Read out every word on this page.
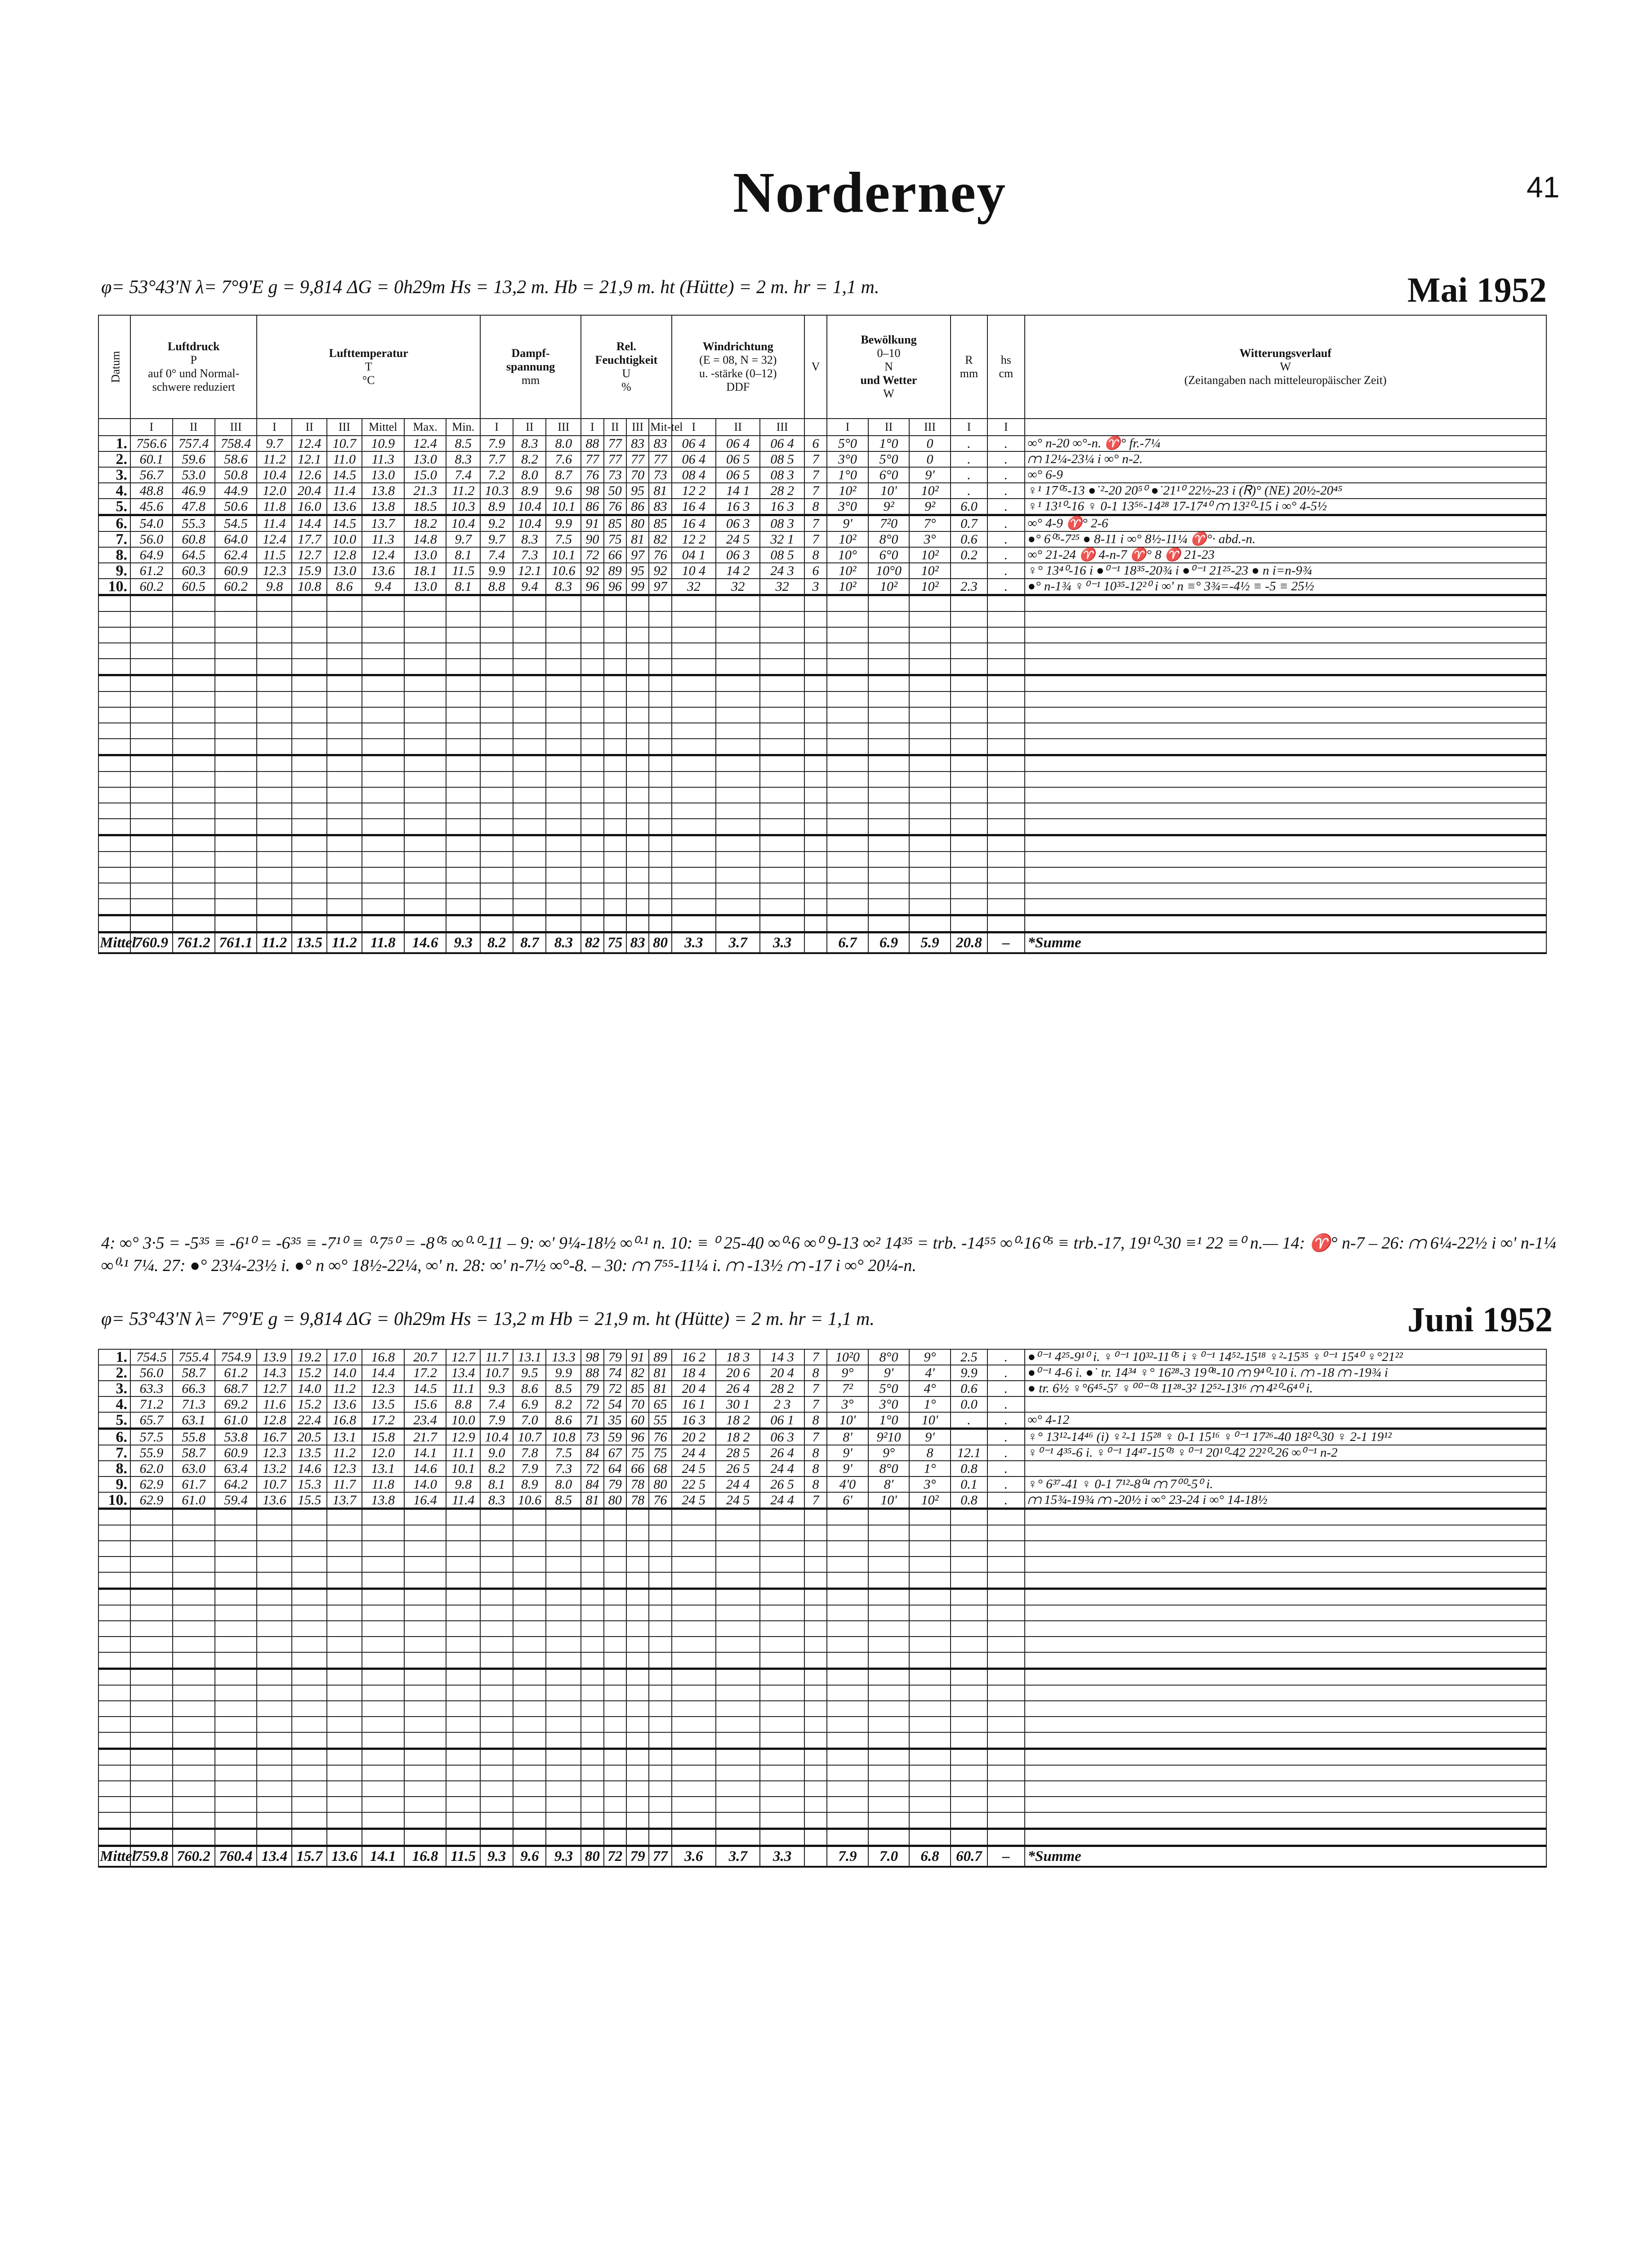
Norderney	41
φ= 53°43'N λ= 7°9'E g = 9,814 ΔG = 0h29m Hs = 13,2 m. Hb = 21,9 m. ht (Hütte) = 2 m. hr = 1,1 m.	Mai 1952
Datum	Luftdruck
P
auf 0° und Normal-
schwere reduziert			Lufttemperatur
T
°C						Dampf-
spannung
mm			Rel.
Feuchtigkeit
U
%				Windrichtung
(E = 08, N = 32)
u. -stärke (0–12)
DDF			V	Bewölkung
0–10
N
und Wetter
W			R
mm	hs
cm	Witterungsverlauf
W
(Zeitangaben nach mitteleuropäischer Zeit)
	I	II	III	I	II	III	Mittel	Max.	Min.	I	II	III	I	II	III	Mit-tel	I	II	III		I	II	III	I	I	
1.	756.6	757.4	758.4	9.7	12.4	10.7	10.9	12.4	8.5	7.9	8.3	8.0	88	77	83	83	06 4	06 4	06 4	6	5°0	1°0	0	.	.	∞° n-20 ∞°-n. ♈° fr.-7¼
2.	60.1	59.6	58.6	11.2	12.1	11.0	11.3	13.0	8.3	7.7	8.2	7.6	77	77	77	77	06 4	06 5	08 5	7	3°0	5°0	0	.	.	⩋ 12¼-23¼ i ∞° n-2.
3.	56.7	53.0	50.8	10.4	12.6	14.5	13.0	15.0	7.4	7.2	8.0	8.7	76	73	70	73	08 4	06 5	08 3	7	1°0	6°0	9'	.	.	∞° 6-9
4.	48.8	46.9	44.9	12.0	20.4	11.4	13.8	21.3	11.2	10.3	8.9	9.6	98	50	95	81	12 2	14 1	28 2	7	10²	10'	10²	.	.	♀¹ 17⁰⁵-13 ●˙²-20 20⁵⁰ ●˙21¹⁰ 22½-23 i (Ꮢ)° (NE) 20½-20⁴⁵
5.	45.6	47.8	50.6	11.8	16.0	13.6	13.8	18.5	10.3	8.9	10.4	10.1	86	76	86	83	16 4	16 3	16 3	8	3°0	9²	9²	6.0	.	♀¹ 13¹⁰-16 ♀ 0-1 13⁵⁶-14²⁸ 17-17⁴⁰ ⩋ 13²⁰-15 i ∞° 4-5½
6.	54.0	55.3	54.5	11.4	14.4	14.5	13.7	18.2	10.4	9.2	10.4	9.9	91	85	80	85	16 4	06 3	08 3	7	9'	7²0	7°	0.7	.	∞° 4-9 ♈° 2-6
7.	56.0	60.8	64.0	12.4	17.7	10.0	11.3	14.8	9.7	9.7	8.3	7.5	90	75	81	82	12 2	24 5	32 1	7	10²	8°0	3°	0.6	.	●° 6⁰⁵-7²⁵ ● 8-11 i ∞° 8½-11¼ ♈°· abd.-n.
8.	64.9	64.5	62.4	11.5	12.7	12.8	12.4	13.0	8.1	7.4	7.3	10.1	72	66	97	76	04 1	06 3	08 5	8	10°	6°0	10²	0.2	.	∞° 21-24 ♈ 4-n-7 ♈° 8 ♈ 21-23
9.	61.2	60.3	60.9	12.3	15.9	13.0	13.6	18.1	11.5	9.9	12.1	10.6	92	89	95	92	10 4	14 2	24 3	6	10²	10°0	10²		.	♀° 13⁴⁰-16 i ●⁰⁻¹ 18³⁵-20¾ i ●⁰⁻¹ 21²⁵-23 ● n i=n-9¾
10.	60.2	60.5	60.2	9.8	10.8	8.6	9.4	13.0	8.1	8.8	9.4	8.3	96	96	99	97	32	32	32	3	10²	10²	10²	2.3	.	●° n-1¾ ♀⁰⁻¹ 10³⁵-12²⁰ i ∞' n ≡° 3¾=-4½ ≡ -5 ≡ 25½

Mittel	760.9	761.2	761.1	11.2	13.5	11.2	11.8	14.6	9.3	8.2	8.7	8.3	82	75	83	80	3.3	3.7	3.3		6.7	6.9	5.9	20.8	–	*Summe
4: ∞° 3·5 = -5³⁵ ≡ -6¹⁰ = -6³⁵ ≡ -7¹⁰ ≡ ⁰·7⁵⁰ = -8⁰⁵ ∞⁰·⁰-11 – 9: ∞' 9¼-18½ ∞⁰·¹ n. 10: ≡ ⁰ 25-40 ∞⁰·6 ∞⁰ 9-13 ∞² 14³⁵ = trb. -14⁵⁵ ∞⁰·16⁰⁵ ≡ trb.-17, 19¹⁰-30 ≡¹ 22 ≡⁰ n.— 14: ♈° n-7 – 26: ⩋ 6¼-22½ i ∞' n-1¼ ∞⁰·¹ 7¼. 27: ●° 23¼-23½ i. ●° n ∞° 18½-22¼, ∞' n. 28: ∞' n-7½ ∞°-8. – 30: ⩋ 7⁵⁵-11¼ i. ⩋ -13½ ⩋ -17 i ∞° 20¼-n.
φ= 53°43'N λ= 7°9'E g = 9,814 ΔG = 0h29m Hs = 13,2 m Hb = 21,9 m. ht (Hütte) = 2 m. hr = 1,1 m.	Juni 1952
1.	754.5	755.4	754.9	13.9	19.2	17.0	16.8	20.7	12.7	11.7	13.1	13.3	98	79	91	89	16 2	18 3	14 3	7	10²0	8°0	9°	2.5	.	●⁰⁻¹ 4²⁵-9¹⁰ i. ♀⁰⁻¹ 10³²-11⁰⁵ i ♀⁰⁻¹ 14⁵²-15¹⁸ ♀²-15³⁵ ♀⁰⁻¹ 15⁴⁰ ♀°21²²
2.	56.0	58.7	61.2	14.3	15.2	14.0	14.4	17.2	13.4	10.7	9.5	9.9	88	74	82	81	18 4	20 6	20 4	8	9°	9'	4'	9.9	.	●⁰⁻¹ 4-6 i. ●˙ tr. 14³⁴ ♀° 16²⁸-3 19⁰⁸-10 ⩋ 9⁴⁰-10 i. ⩋ -18 ⩋ -19¾ i
3.	63.3	66.3	68.7	12.7	14.0	11.2	12.3	14.5	11.1	9.3	8.6	8.5	79	72	85	81	20 4	26 4	28 2	7	7²	5°0	4°	0.6	.	● tr. 6½ ♀°6⁴⁵-5⁷ ♀⁰⁰⁻⁰³ 11²⁸-3² 12⁵²-13¹⁶ ⩋ 4²⁰-6⁴⁰ i.
4.	71.2	71.3	69.2	11.6	15.2	13.6	13.5	15.6	8.8	7.4	6.9	8.2	72	54	70	65	16 1	30 1	2 3	7	3°	3°0	1°	0.0	.	
5.	65.7	63.1	61.0	12.8	22.4	16.8	17.2	23.4	10.0	7.9	7.0	8.6	71	35	60	55	16 3	18 2	06 1	8	10'	1°0	10'	.	.	∞° 4-12
6.	57.5	55.8	53.8	16.7	20.5	13.1	15.8	21.7	12.9	10.4	10.7	10.8	73	59	96	76	20 2	18 2	06 3	7	8'	9²10	9'		.	♀° 13¹²-14⁴⁶ (i) ♀²-1 15²⁸ ♀ 0-1 15¹⁶ ♀⁰⁻¹ 17²⁶-40 18²⁰-30 ♀ 2-1 19¹²
7.	55.9	58.7	60.9	12.3	13.5	11.2	12.0	14.1	11.1	9.0	7.8	7.5	84	67	75	75	24 4	28 5	26 4	8	9'	9°	8	12.1	.	♀⁰⁻¹ 4³⁵-6 i. ♀⁰⁻¹ 14⁴⁷-15⁰³ ♀⁰⁻¹ 20¹⁰-42 22²⁰-26 ∞⁰⁻¹ n-2
8.	62.0	63.0	63.4	13.2	14.6	12.3	13.1	14.6	10.1	8.2	7.9	7.3	72	64	66	68	24 5	26 5	24 4	8	9'	8°0	1°	0.8	.	
9.	62.9	61.7	64.2	10.7	15.3	11.7	11.8	14.0	9.8	8.1	8.9	8.0	84	79	78	80	22 5	24 4	26 5	8	4'0	8'	3°	0.1	.	♀° 6³⁷-41 ♀ 0-1 7¹²-8⁰⁴ ⩋ 7⁰⁰-5⁰ i.
10.	62.9	61.0	59.4	13.6	15.5	13.7	13.8	16.4	11.4	8.3	10.6	8.5	81	80	78	76	24 5	24 5	24 4	7	6'	10'	10²	0.8	.	⩋ 15¾-19¾ ⩋ -20½ i ∞° 23-24 i ∞° 14-18½

Mittel	759.8	760.2	760.4	13.4	15.7	13.6	14.1	16.8	11.5	9.3	9.6	9.3	80	72	79	77	3.6	3.7	3.3		7.9	7.0	6.8	60.7	–	*Summe
